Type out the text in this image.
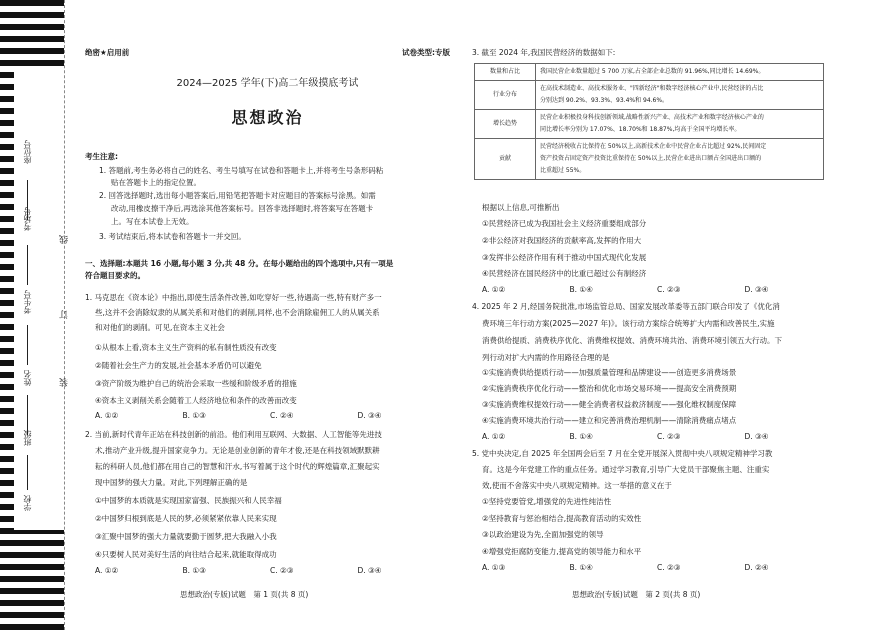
座位号
考场号
考生号
姓名
班级
学校
线
订
装
绝密★启用前	试卷类型:专版
2024—2025 学年(下)高二年级摸底考试
思想政治
考生注意:
1. 答题前,考生务必将自己的姓名、考生号填写在试卷和答题卡上,并将考生号条形码粘
贴在答题卡上的指定位置。
2. 回答选择题时,选出每小题答案后,用铅笔把答题卡对应题目的答案标号涂黑。如需
改动,用橡皮擦干净后,再选涂其他答案标号。回答非选择题时,将答案写在答题卡
上。写在本试卷上无效。
3. 考试结束后,将本试卷和答题卡一并交回。
一、选择题:本题共 16 小题,每小题 3 分,共 48 分。在每小题给出的四个选项中,只有一项是
符合题目要求的。
1. 马克思在《资本论》中指出,即使生活条件改善,如吃穿好一些,待遇高一些,特有财产多一
些,这并不会消除奴隶的从属关系和对他们的剥削,同样,也不会消除雇佣工人的从属关系
和对他们的剥削。可见,在资本主义社会
①从根本上看,资本主义生产资料的私有制性质没有改变
②随着社会生产力的发展,社会基本矛盾仍可以避免
③资产阶级为维护自己的统治会采取一些缓和阶级矛盾的措施
④资本主义剥削关系会随着工人经济地位和条件的改善而改变
A. ①②	B. ①③	C. ②④	D. ③④
2. 当前,新时代青年正站在科技创新的前沿。他们利用互联网、大数据、人工智能等先进技
术,推动产业升级,提升国家竞争力。无论是创业创新的青年才俊,还是在科技领域默默耕
耘的科研人员,他们都在用自己的智慧和汗水,书写着属于这个时代的辉煌篇章,汇聚起实
现中国梦的强大力量。对此,下列理解正确的是
①中国梦的本质就是实现国家富强、民族振兴和人民幸福
②中国梦归根到底是人民的梦,必须紧紧依靠人民来实现
③汇聚中国梦的强大力量就要勤于圆梦,把大我融入小我
④只要树人民对美好生活的向往结合起来,就能取得成功
A. ①②	B. ①③	C. ②③	D. ③④
思想政治(专版)试题　第 1 页(共 8 页)
3. 截至 2024 年,我国民营经济的数据如下:
数量和占比	我国民营企业数量超过 5 700 万家,占全部企业总数的 91.96%,同比增长 14.69%。

行业分布	在高技术制造业、高技术服务业、"四新经济"和数字经济核心产业中,民营经济的占比
分别达到 90.2%、93.3%、93.4%和 94.6%。

增长趋势	民营企业积极投身科技创新领域,战略性新兴产业、高技术产业和数字经济核心产业的
同比增长率分别为 17.07%、18.70%和 18.87%,均高于全国平均增长率。

贡献	民营经济税收占比保持在 50%以上,高新技术企业中民营企业占比超过 92%,民间固定
资产投资占固定资产投资比重保持在 50%以上,民营企业进出口额占全国进出口额的
比重超过 55%。
根据以上信息,可推断出
①民营经济已成为我国社会主义经济重要组成部分
②非公经济对我国经济的贡献率高,发挥的作用大
③发挥非公经济作用有利于推动中国式现代化发展
④民营经济在国民经济中的比重已超过公有制经济
A. ①②	B. ①④	C. ②③	D. ③④
4. 2025 年 2 月,经国务院批准,市场监管总局、国家发展改革委等五部门联合印发了《优化消
费环境三年行动方案(2025—2027 年)》。该行动方案综合统筹扩大内需和改善民生,实施
消费供给提质、消费秩序优化、消费维权提效、消费环境共治、消费环境引领五大行动。下
列行动对扩大内需的作用路径合理的是
①实施消费供给提质行动——加强质量管理和品牌建设——创造更多消费场景
②实施消费秩序优化行动——整治和优化市场交易环境——提高安全消费预期
③实施消费维权提效行动——健全消费者权益救济制度——强化维权制度保障
④实施消费环境共治行动——建立和完善消费治理机制——清除消费痛点堵点
A. ①②	B. ①④	C. ②③	D. ③④
5. 党中央决定,自 2025 年全国两会后至 7 月在全党开展深入贯彻中央八项规定精神学习教
育。这是今年党建工作的重点任务。通过学习教育,引导广大党员干部聚焦主题、注重实
效,使而不舍落实中央八项规定精神。这一举措的意义在于
①坚持党要管党,增强党的先进性纯洁性
②坚持教育与惩治相结合,提高教育活动的实效性
③以政治建设为先,全面加强党的领导
④增强党拒腐防变能力,提高党的领导能力和水平
A. ①③	B. ①④	C. ②③	D. ②④
思想政治(专版)试题　第 2 页(共 8 页)
